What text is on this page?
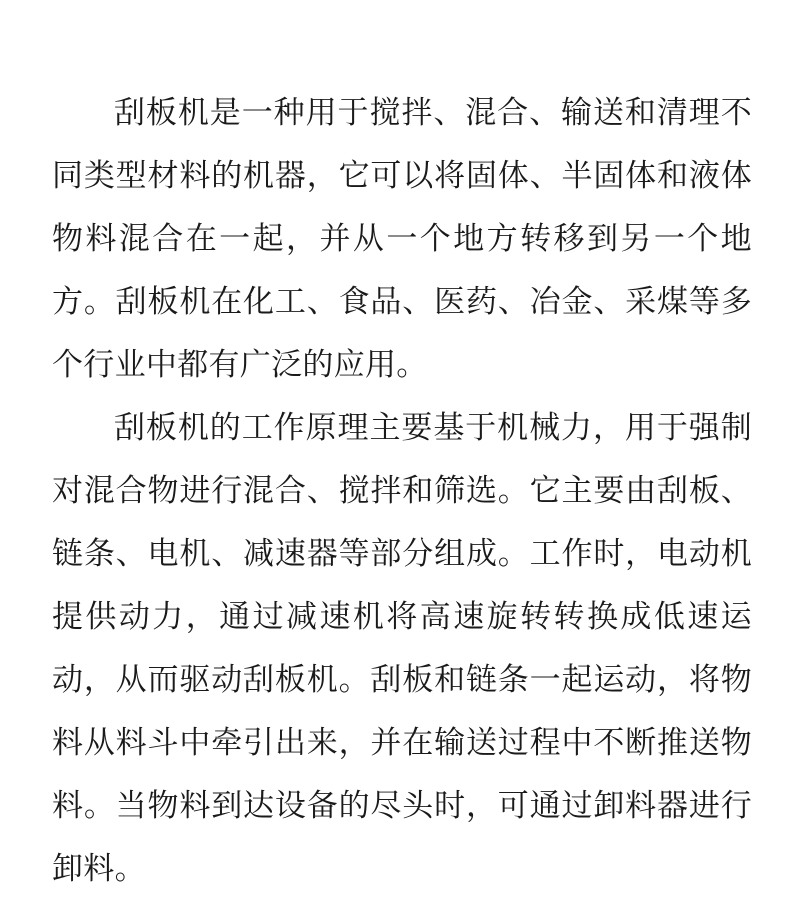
刮板机是一种用于搅拌、混合、输送和清理不同类型材料的机器，它可以将固体、半固体和液体物料混合在一起，并从一个地方转移到另一个地方。刮板机在化工、食品、医药、冶金、采煤等多个行业中都有广泛的应用。

刮板机的工作原理主要基于机械力，用于强制对混合物进行混合、搅拌和筛选。它主要由刮板、链条、电机、减速器等部分组成。工作时，电动机提供动力，通过减速机将高速旋转转换成低速运动，从而驱动刮板机。刮板和链条一起运动，将物料从料斗中牵引出来，并在输送过程中不断推送物料。当物料到达设备的尽头时，可通过卸料器进行卸料。
